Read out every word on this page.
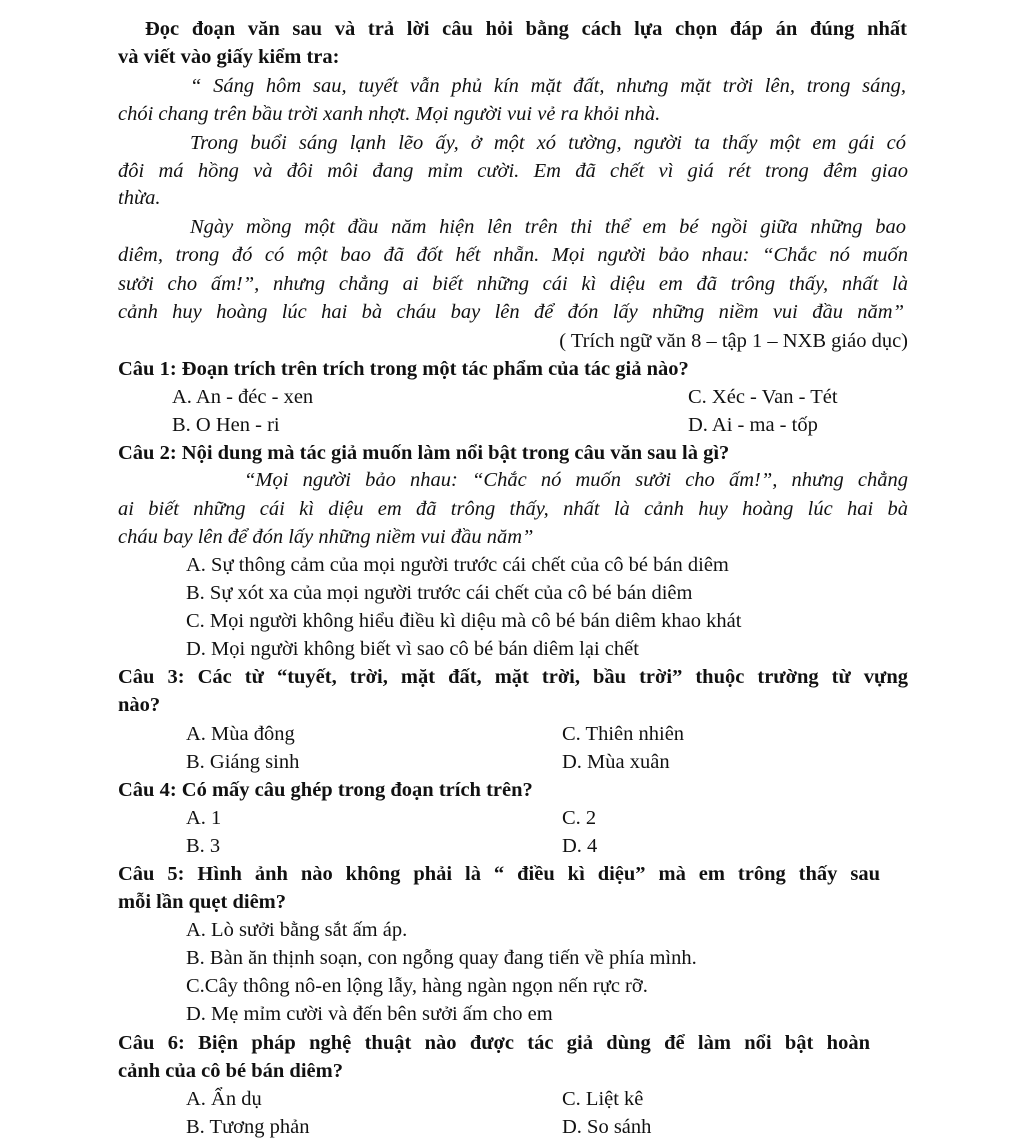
Đọc đoạn văn sau và trả lời câu hỏi bằng cách lựa chọn đáp án đúng nhất
và viết vào giấy kiểm tra:
“ Sáng hôm sau, tuyết vẫn phủ kín mặt đất, nhưng mặt trời lên, trong sáng,
chói chang trên bầu trời xanh nhợt. Mọi người vui vẻ ra khỏi nhà.
Trong buổi sáng lạnh lẽo ấy, ở một xó tường, người ta thấy một em gái có
đôi má hồng và đôi môi đang mỉm cười. Em đã chết vì giá rét trong đêm giao
thừa.
Ngày mồng một đầu năm hiện lên trên thi thể em bé ngồi giữa những bao
diêm, trong đó có một bao đã đốt hết nhẵn. Mọi người bảo nhau: “Chắc nó muốn
sưởi cho ấm!”, nhưng chẳng ai biết những cái kì diệu em đã trông thấy, nhất là
cảnh huy hoàng lúc hai bà cháu bay lên để đón lấy những niềm vui đầu năm”
( Trích ngữ văn 8 – tập 1 – NXB giáo dục)
Câu 1: Đoạn trích trên trích trong một tác phẩm của tác giả nào?
A. An - đéc - xen	C. Xéc - Van - Tét
B. O Hen - ri	D. Ai - ma - tốp
Câu 2: Nội dung mà tác giả muốn làm nổi bật trong câu văn sau là gì?
“Mọi người bảo nhau: “Chắc nó muốn sưởi cho ấm!”, nhưng chẳng
ai biết những cái kì diệu em đã trông thấy, nhất là cảnh huy hoàng lúc hai bà
cháu bay lên để đón lấy những niềm vui đầu năm”
A. Sự thông cảm của mọi người trước cái chết của cô bé bán diêm
B. Sự xót xa của mọi người trước cái chết của cô bé bán diêm
C. Mọi người không hiểu điều kì diệu mà cô bé bán diêm khao khát
D. Mọi người không biết vì sao cô bé bán diêm lại chết
Câu 3: Các từ “tuyết, trời, mặt đất, mặt trời, bầu trời” thuộc trường từ vựng
nào?
A. Mùa đông	C. Thiên nhiên
B. Giáng sinh	D. Mùa xuân
Câu 4: Có mấy câu ghép trong đoạn trích trên?
A. 1	C. 2
B. 3	D. 4
Câu 5: Hình ảnh nào không phải là “ điều kì diệu” mà em trông thấy sau
mỗi lần quẹt diêm?
A. Lò sưởi bằng sắt ấm áp.
B. Bàn ăn thịnh soạn, con ngỗng quay đang tiến về phía mình.
C.Cây thông nô-en lộng lẫy, hàng ngàn ngọn nến rực rỡ.
D. Mẹ mỉm cười và đến bên sưởi ấm cho em
Câu 6: Biện pháp nghệ thuật nào được tác giả dùng để làm nổi bật hoàn
cảnh của cô bé bán diêm?
A. Ẩn dụ	C. Liệt kê
B. Tương phản	D. So sánh
